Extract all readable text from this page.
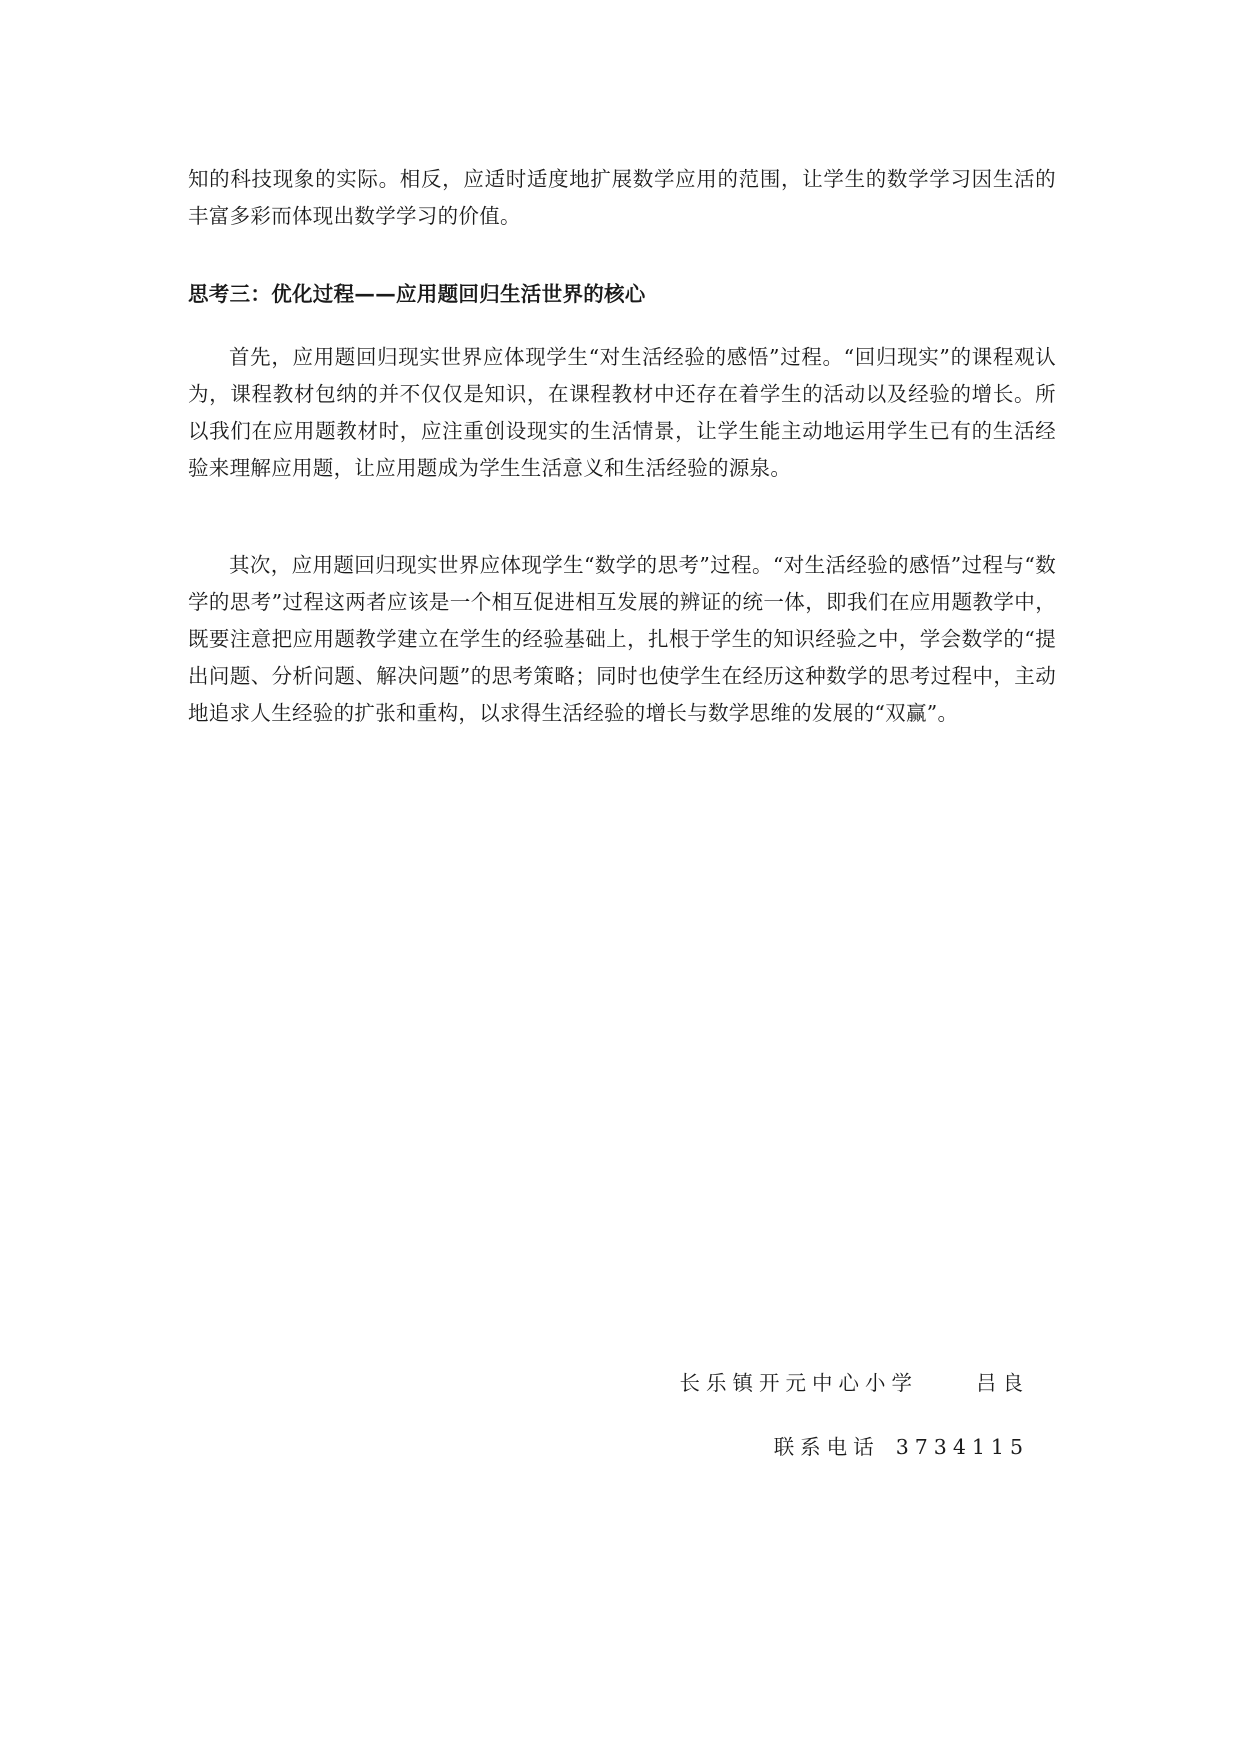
知的科技现象的实际。相反，应适时适度地扩展数学应用的范围，让学生的数学学习因生活的丰富多彩而体现出数学学习的价值。

思考三：优化过程——应用题回归生活世界的核心

首先，应用题回归现实世界应体现学生“对生活经验的感悟”过程。“回归现实”的课程观认为，课程教材包纳的并不仅仅是知识，在课程教材中还存在着学生的活动以及经验的增长。所以我们在应用题教材时，应注重创设现实的生活情景，让学生能主动地运用学生已有的生活经验来理解应用题，让应用题成为学生生活意义和生活经验的源泉。

其次，应用题回归现实世界应体现学生“数学的思考”过程。“对生活经验的感悟”过程与“数学的思考”过程这两者应该是一个相互促进相互发展的辨证的统一体，即我们在应用题教学中，既要注意把应用题教学建立在学生的经验基础上，扎根于学生的知识经验之中，学会数学的“提出问题、分析问题、解决问题”的思考策略；同时也使学生在经历这种数学的思考过程中，主动地追求人生经验的扩张和重构，以求得生活经验的增长与数学思维的发展的“双赢”。

长乐镇开元中心小学	吕良
联系电话 3734115
